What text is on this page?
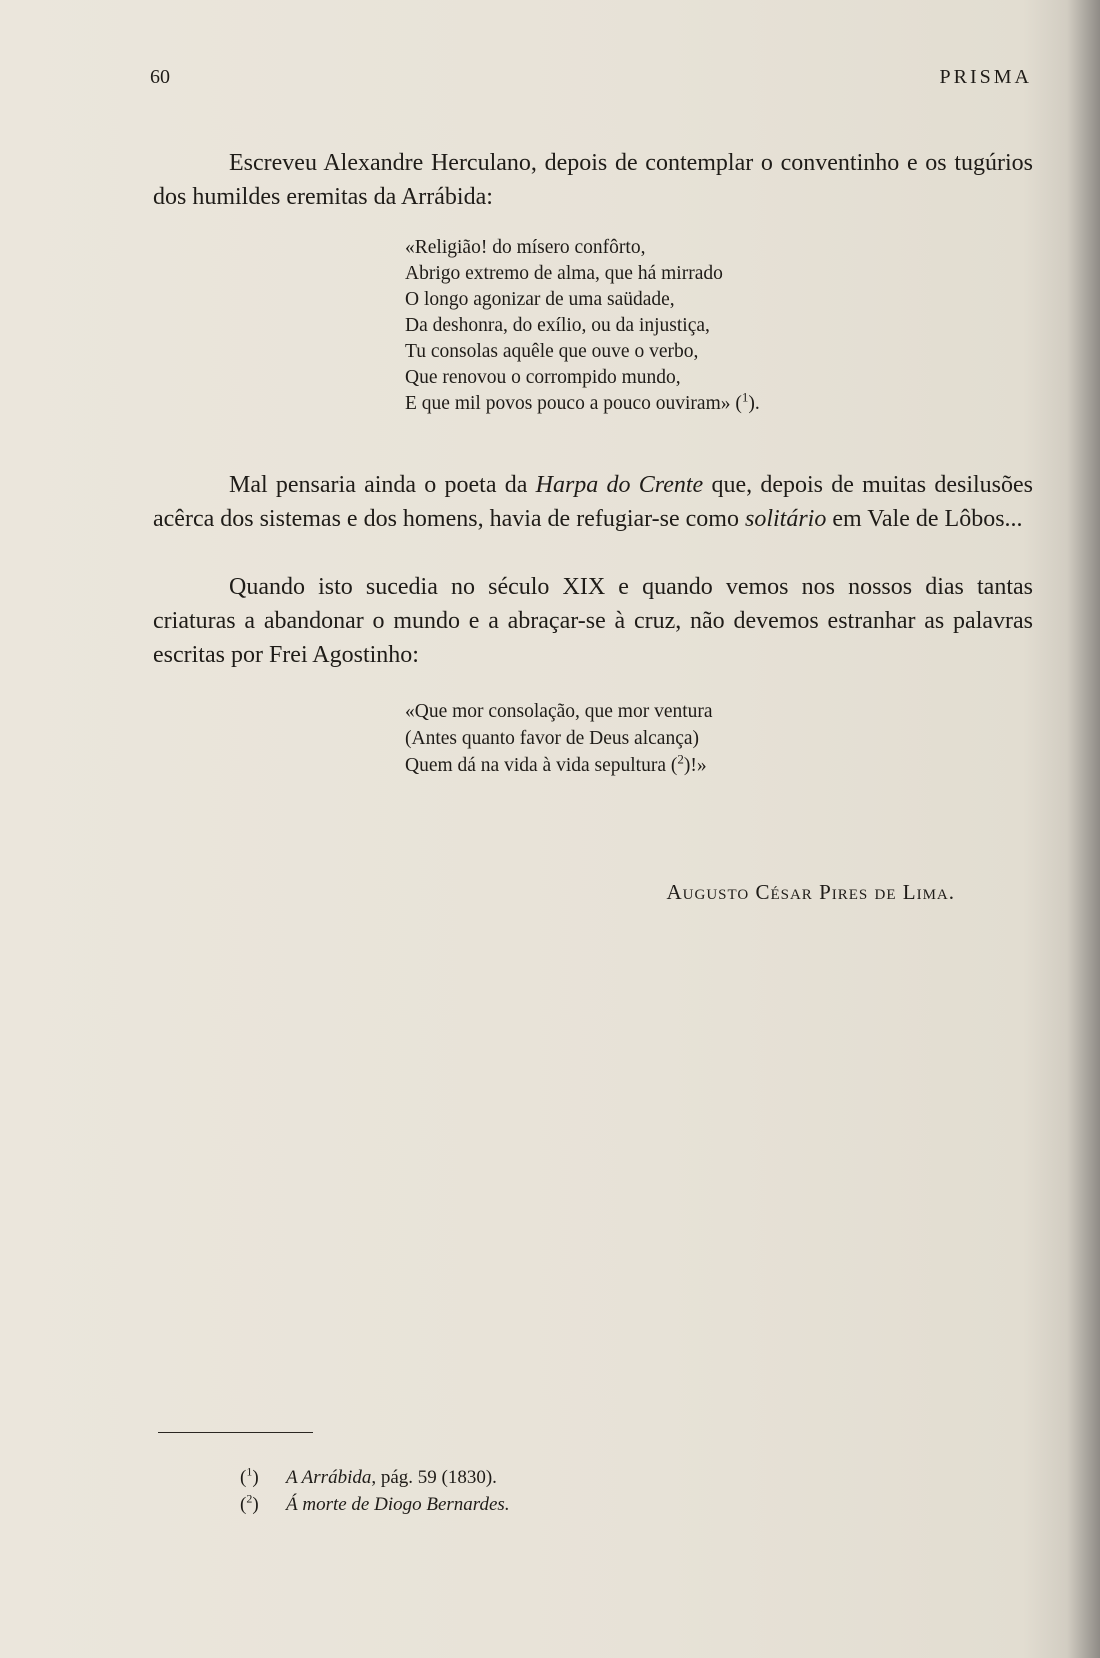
60	PRISMA

Escreveu Alexandre Herculano, depois de contemplar o conventinho e os tugúrios dos humildes eremitas da Arrábida:

«Religião! do mísero confôrto,
Abrigo extremo de alma, que há mirrado
O longo agonizar de uma saüdade,
Da deshonra, do exílio, ou da injustiça,
Tu consolas aquêle que ouve o verbo,
Que renovou o corrompido mundo,
E que mil povos pouco a pouco ouviram» ($^1$).

Mal pensaria ainda o poeta da Harpa do Crente que, depois de muitas desilusões acêrca dos sistemas e dos homens, havia de refugiar-se como solitário em Vale de Lôbos...

Quando isto sucedia no século XIX e quando vemos nos nossos dias tantas criaturas a abandonar o mundo e a abraçar-se à cruz, não devemos estranhar as palavras escritas por Frei Agostinho:

«Que mor consolação, que mor ventura
(Antes quanto favor de Deus alcança)
Quem dá na vida à vida sepultura ($^2$)!»
Augusto César Pires de Lima.
($^1$) A Arrábida, pág. 59 (1830).
($^2$) Á morte de Diogo Bernardes.
